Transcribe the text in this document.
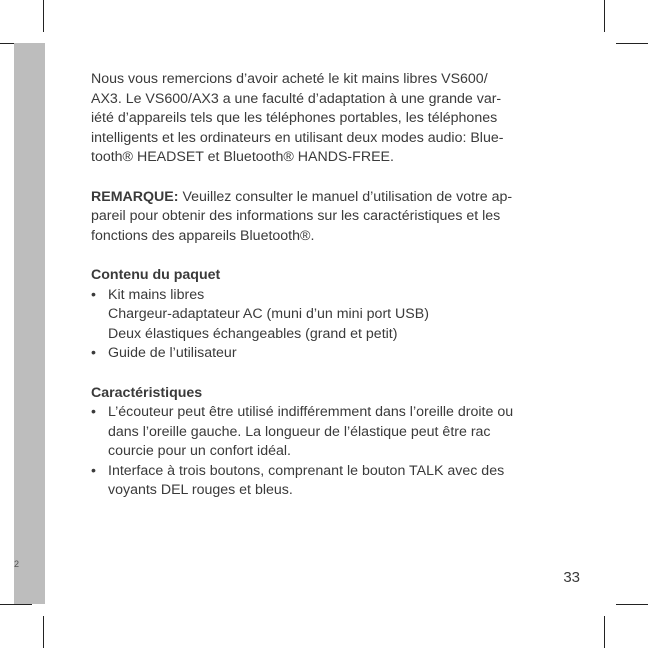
2

Nous vous remercions d’avoir acheté le kit mains libres VS600/

AX3. Le VS600/AX3 a une faculté d’adaptation à une grande var-

iété d’appareils tels que les téléphones portables, les téléphones

intelligents et les ordinateurs en utilisant deux modes audio: Blue-

tooth® HEADSET et Bluetooth® HANDS-FREE.

REMARQUE: Veuillez consulter le manuel d’utilisation de votre ap-

pareil pour obtenir des informations sur les caractéristiques et les

fonctions des appareils Bluetooth®.

Contenu du paquet

• Kit mains libres
Chargeur-adaptateur AC (muni d’un mini port USB)
Deux élastiques échangeables (grand et petit)
• Guide de l’utilisateur

Caractéristiques

• L’écouteur peut être utilisé indifféremment dans l’oreille droite ou
dans l’oreille gauche. La longueur de l’élastique peut être rac
courcie pour un confort idéal.
• Interface à trois boutons, comprenant le bouton TALK avec des
voyants DEL rouges et bleus.
33
